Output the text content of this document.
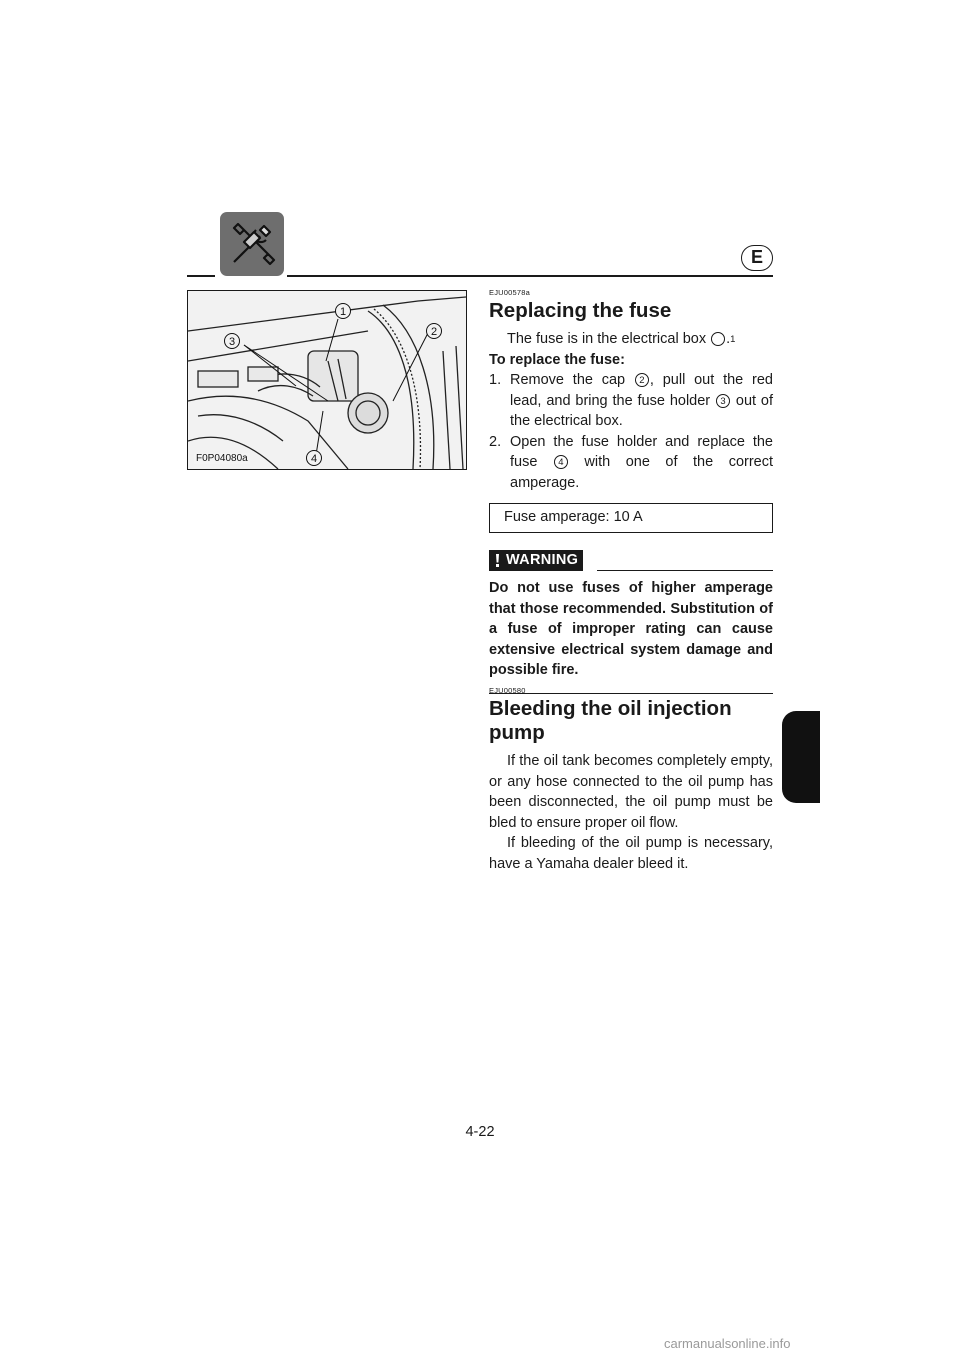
E
1
2
3
4
F0P04080a

EJU00578a

Replacing the fuse

The fuse is in the electrical box 1.

To replace the fuse:

1. Remove the cap 2 , pull out the red lead, and bring the fuse holder 3 out of the electrical box.
2. Open the fuse holder and replace the fuse 4 with one of the correct amperage.
Fuse amperage: 10 A
WARNING

Do not use fuses of higher amperage that those recommended. Substitution of a fuse of improper rating can cause extensive electrical system damage and possible fire.

EJU00580

Bleeding the oil injection pump

If the oil tank becomes completely empty, or any hose connected to the oil pump has been disconnected, the oil pump must be bled to ensure proper oil flow.

If bleeding of the oil pump is necessary, have a Yamaha dealer bleed it.

4-22
carmanualsonline.info
